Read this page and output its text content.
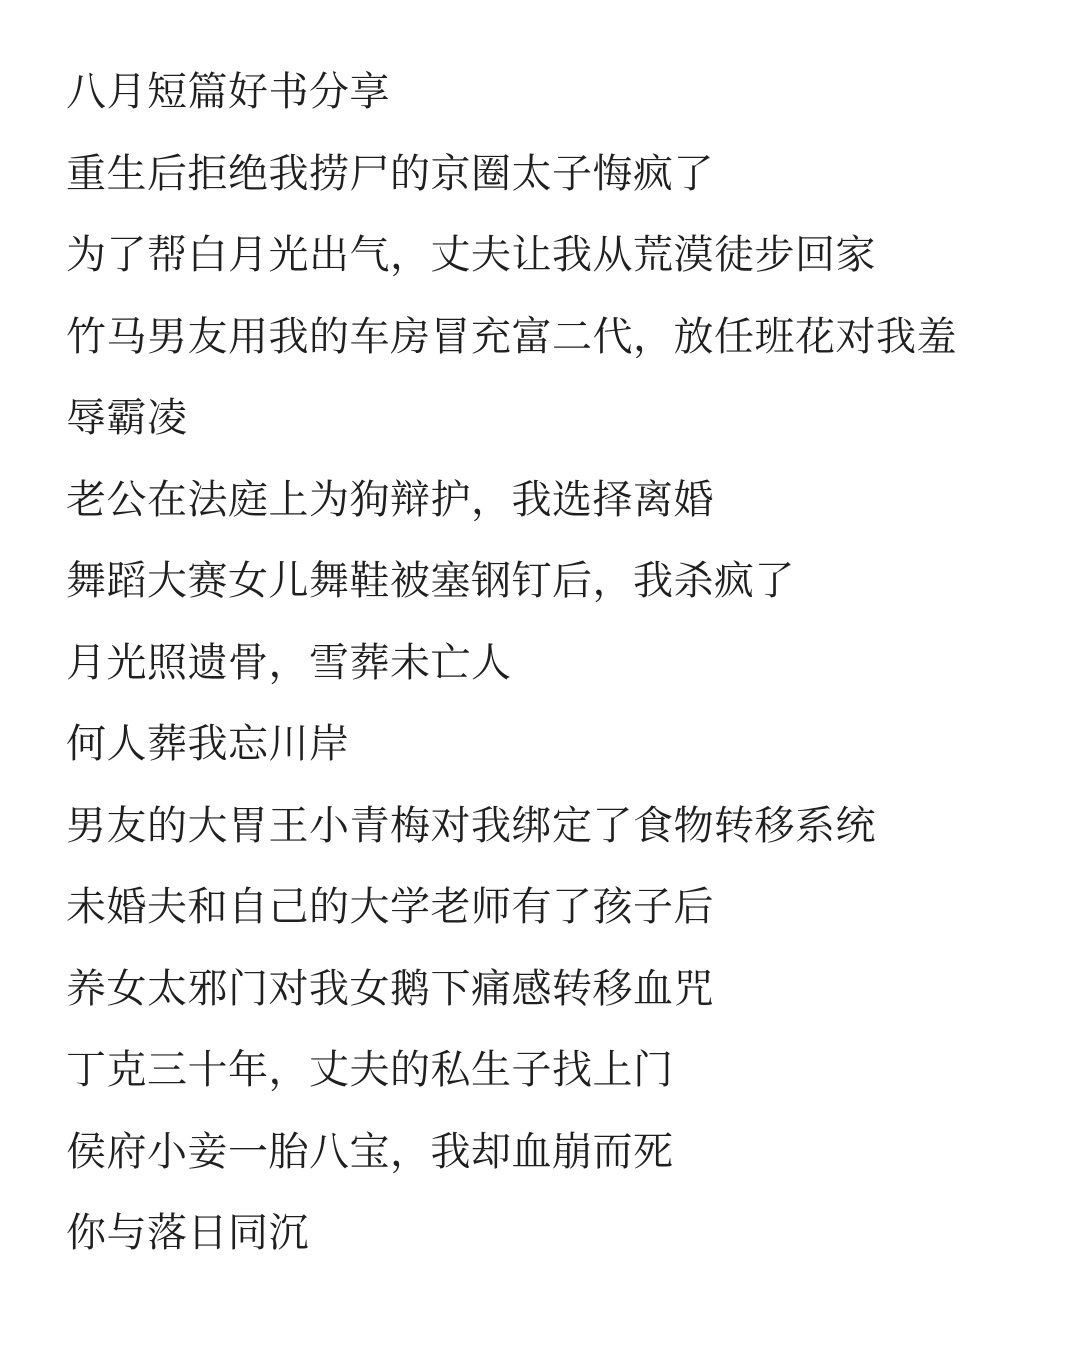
八月短篇好书分享
重生后拒绝我捞尸的京圈太子悔疯了
为了帮白月光出气，丈夫让我从荒漠徒步回家
竹马男友用我的车房冒充富二代，放任班花对我羞
辱霸凌
老公在法庭上为狗辩护，我选择离婚
舞蹈大赛女儿舞鞋被塞钢钉后，我杀疯了
月光照遗骨，雪葬未亡人
何人葬我忘川岸
男友的大胃王小青梅对我绑定了食物转移系统
未婚夫和自己的大学老师有了孩子后
养女太邪门对我女鹅下痛感转移血咒
丁克三十年，丈夫的私生子找上门
侯府小妾一胎八宝，我却血崩而死
你与落日同沉
